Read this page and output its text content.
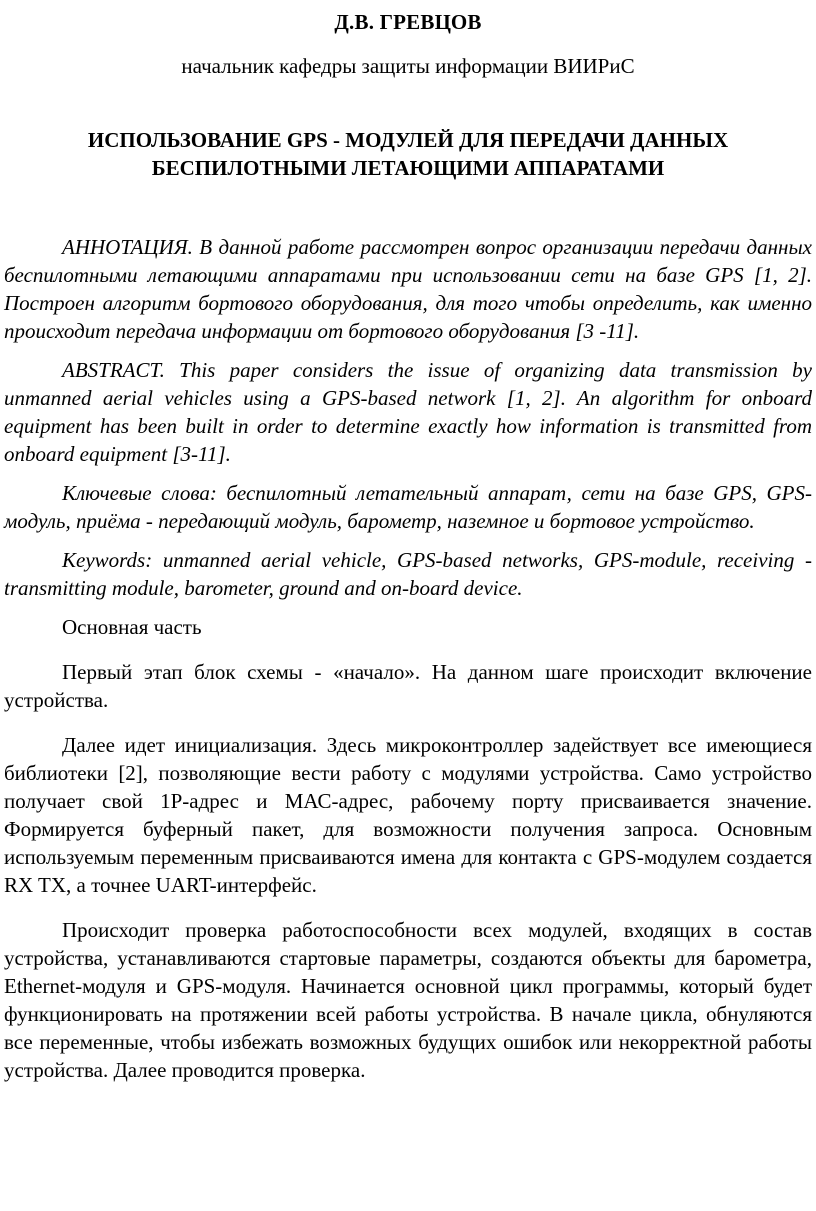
Д.В. ГРЕВЦОВ
начальник кафедры защиты информации ВИИРиС
ИСПОЛЬЗОВАНИЕ GPS - МОДУЛЕЙ ДЛЯ ПЕРЕДАЧИ ДАННЫХ
БЕСПИЛОТНЫМИ ЛЕТАЮЩИМИ АППАРАТАМИ

АННОТАЦИЯ. В данной работе рассмотрен вопрос организации передачи данных беспилотными летающими аппаратами при использовании сети на базе GPS [1, 2]. Построен алгоритм бортового оборудования, для того чтобы определить, как именно происходит передача информации от бортового оборудования [3 -11].

ABSTRACT. This paper considers the issue of organizing data transmission by unmanned aerial vehicles using a GPS-based network [1, 2]. An algorithm for onboard equipment has been built in order to determine exactly how information is transmitted from onboard equipment [3-11].

Ключевые слова: беспилотный летательный аппарат, сети на базе GPS, GPS-модуль, приёма - передающий модуль, барометр, наземное и бортовое устройство.

Keywords: unmanned aerial vehicle, GPS-based networks, GPS-module, receiving - transmitting module, barometer, ground and on-board device.

Основная часть

Первый этап блок схемы - «начало». На данном шаге происходит включение устройства.

Далее идет инициализация. Здесь микроконтроллер задействует все имеющиеся библиотеки [2], позволяющие вести работу с модулями устройства. Само устройство получает свой 1Р-адрес и МАС-адрес, рабочему порту присваивается значение. Формируется буферный пакет, для возможности получения запроса. Основным используемым переменным присваиваются имена для контакта с GPS-модулем создается RX TX, а точнее UART-интерфейс.

Происходит проверка работоспособности всех модулей, входящих в состав устройства, устанавливаются стартовые параметры, создаются объекты для барометра, Ethernet-модуля и GPS-модуля. Начинается основной цикл программы, который будет функционировать на протяжении всей работы устройства. В начале цикла, обнуляются все переменные, чтобы избежать возможных будущих ошибок или некорректной работы устройства. Далее проводится проверка.
